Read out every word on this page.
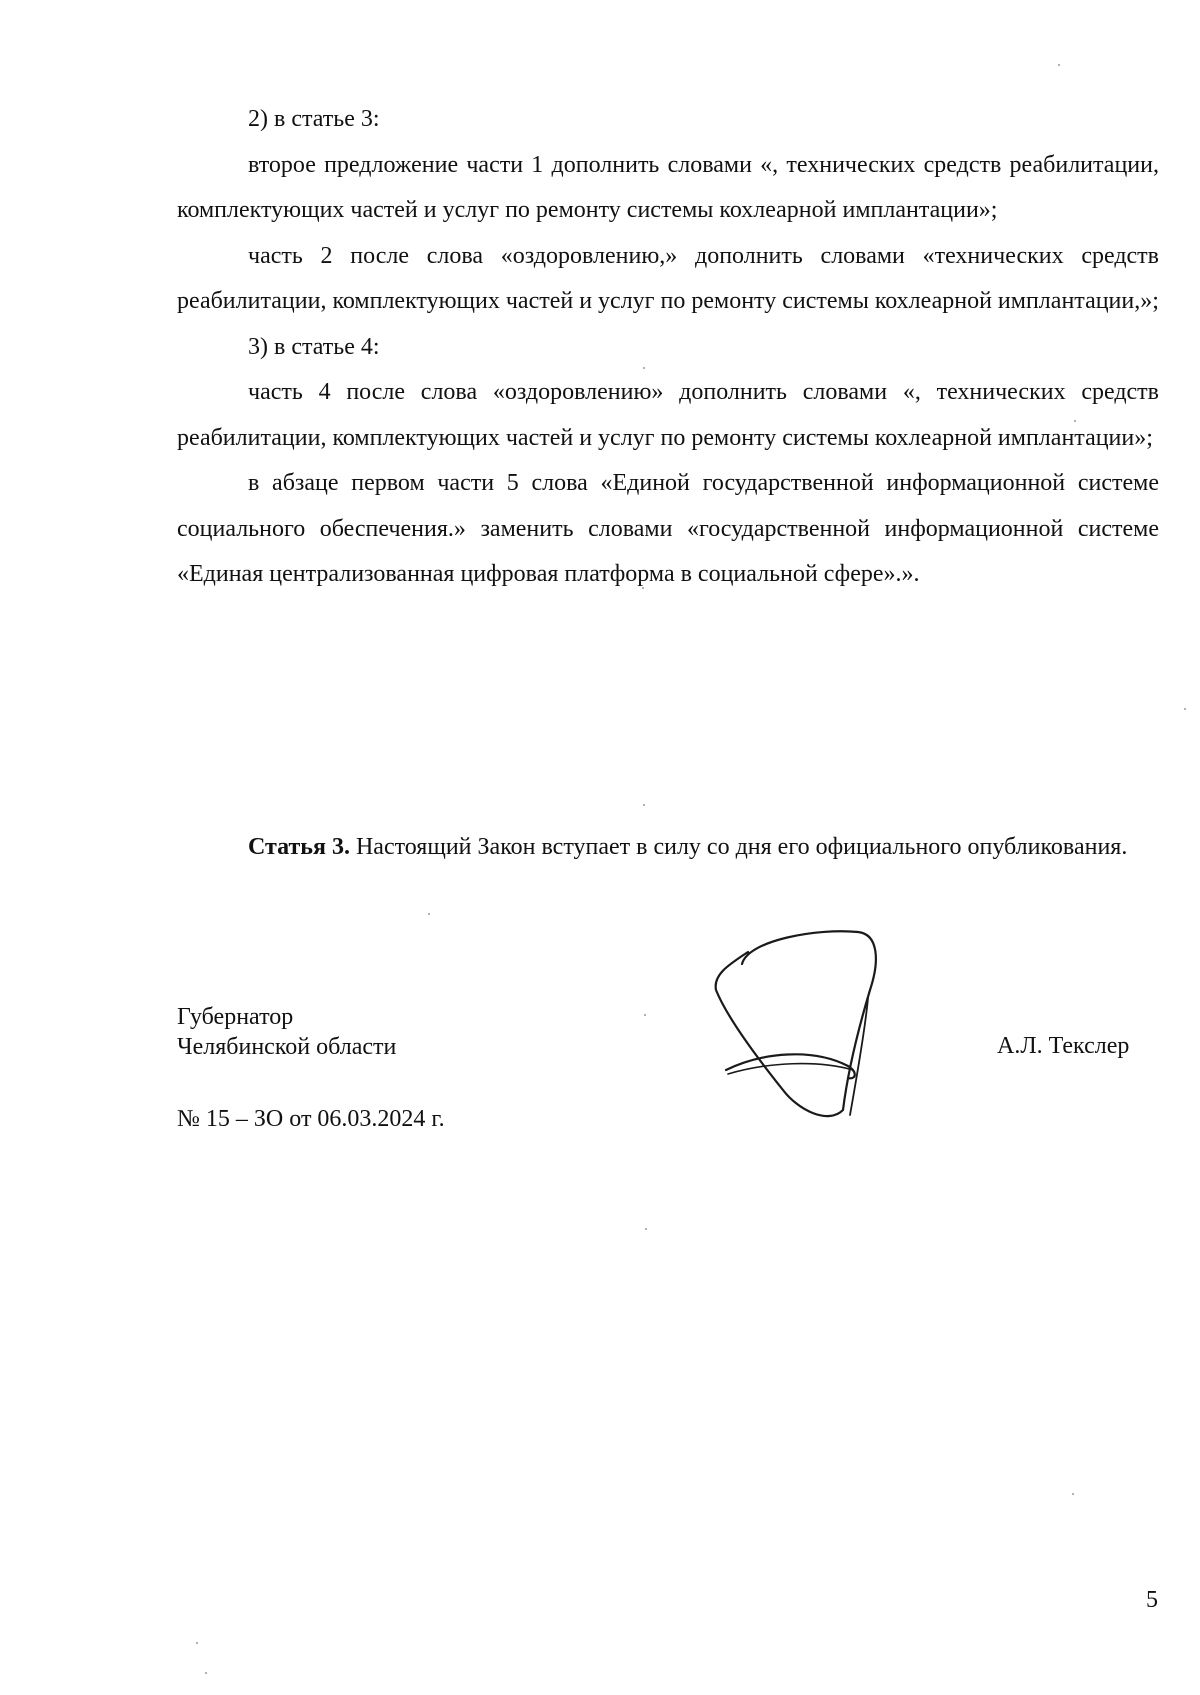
2) в статье 3:
второе предложение части 1 дополнить словами «, технических средств реабилитации, комплектующих частей и услуг по ремонту системы кохлеарной имплантации»;
часть 2 после слова «оздоровлению,» дополнить словами «технических средств реабилитации, комплектующих частей и услуг по ремонту системы кохлеарной имплантации,»;
3) в статье 4:
часть 4 после слова «оздоровлению» дополнить словами «, технических средств реабилитации, комплектующих частей и услуг по ремонту системы кохлеарной имплантации»;
в абзаце первом части 5 слова «Единой государственной информационной системе социального обеспечения.» заменить словами «государственной информационной системе «Единая централизованная цифровая платформа в социальной сфере».».
Статья 3. Настоящий Закон вступает в силу со дня его официального опубликования.
Губернатор
Челябинской области	А.Л. Текслер
№ 15 – ЗО от 06.03.2024 г.
5
